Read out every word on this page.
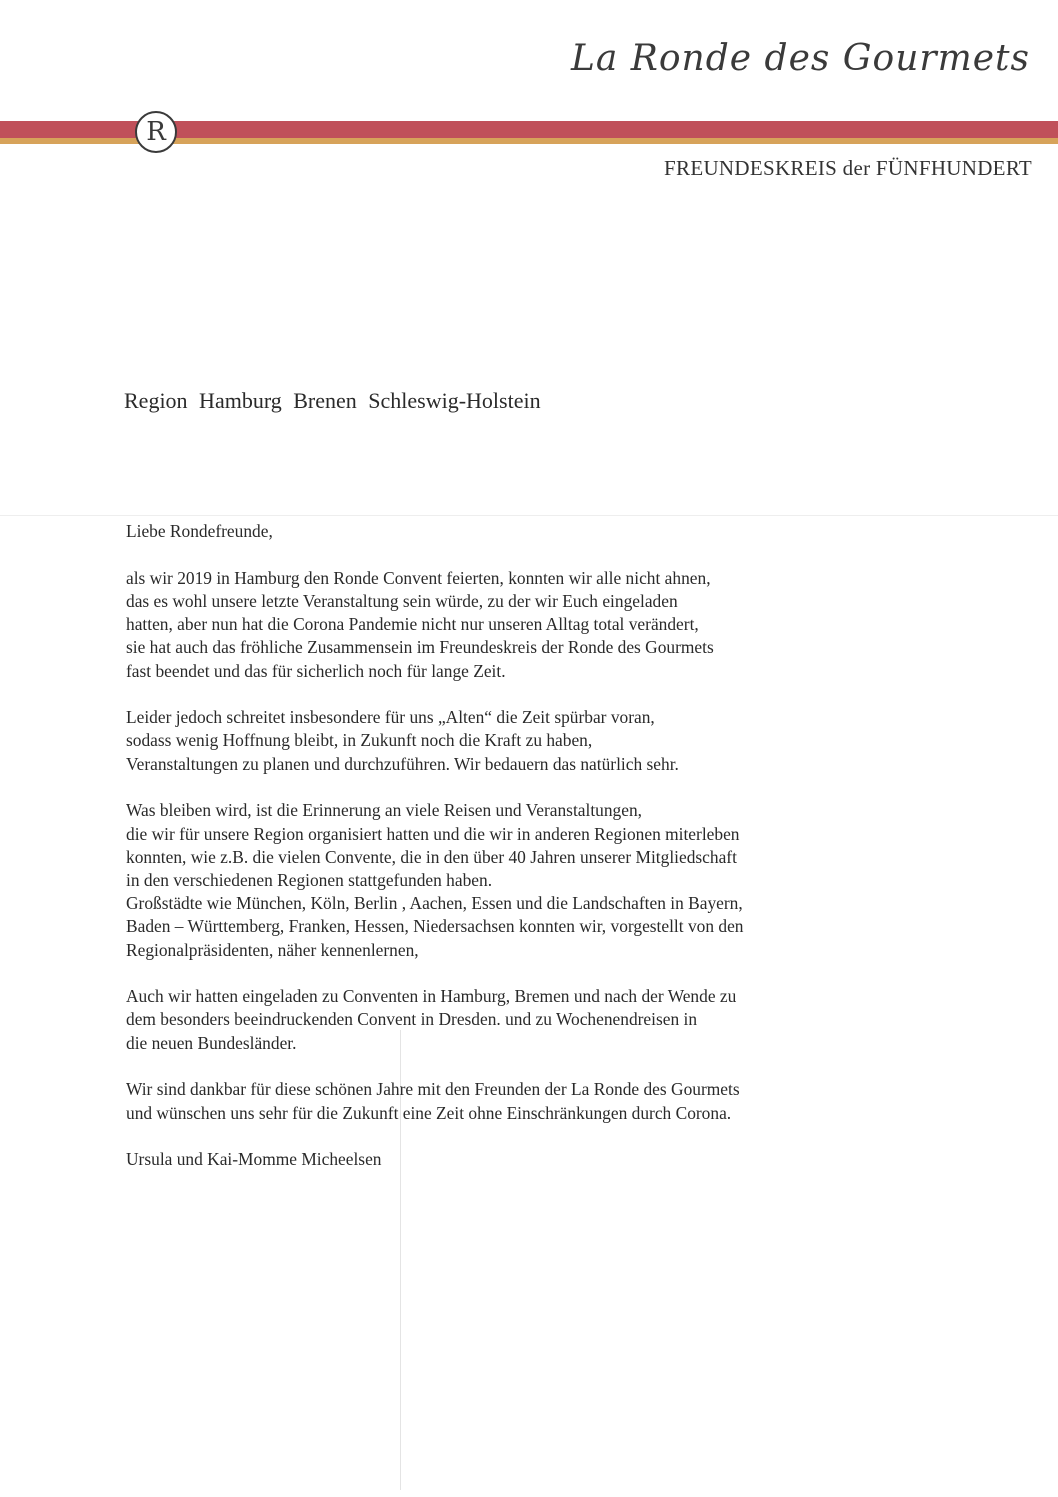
La Ronde des Gourmets
R
FREUNDESKREIS der FÜNFHUNDERT
Region Hamburg Brenen Schleswig-Holstein
Liebe Rondefreunde,
als wir 2019 in Hamburg den Ronde Convent feierten, konnten wir alle nicht ahnen,
das es wohl unsere letzte Veranstaltung sein würde, zu der wir Euch eingeladen
hatten, aber nun hat die Corona Pandemie nicht nur unseren Alltag total verändert,
sie hat auch das fröhliche Zusammensein im Freundeskreis der Ronde des Gourmets
fast beendet und das für sicherlich noch für lange Zeit.
Leider jedoch schreitet insbesondere für uns „Alten“ die Zeit spürbar voran,
sodass wenig Hoffnung bleibt, in Zukunft noch die Kraft zu haben,
Veranstaltungen zu planen und durchzuführen. Wir bedauern das natürlich sehr.
Was bleiben wird, ist die Erinnerung an viele Reisen und Veranstaltungen,
die wir für unsere Region organisiert hatten und die wir in anderen Regionen miterleben
konnten, wie z.B. die vielen Convente, die in den über 40 Jahren unserer Mitgliedschaft
in den verschiedenen Regionen stattgefunden haben.
Großstädte wie München, Köln, Berlin , Aachen, Essen und die Landschaften in Bayern,
Baden – Württemberg, Franken, Hessen, Niedersachsen konnten wir, vorgestellt von den
Regionalpräsidenten, näher kennenlernen,
Auch wir hatten eingeladen zu Conventen in Hamburg, Bremen und nach der Wende zu
dem besonders beeindruckenden Convent in Dresden. und zu Wochenendreisen in
die neuen Bundesländer.
Wir sind dankbar für diese schönen Jahre mit den Freunden der La Ronde des Gourmets
und wünschen uns sehr für die Zukunft eine Zeit ohne Einschränkungen durch Corona.
Ursula und Kai-Momme Micheelsen
